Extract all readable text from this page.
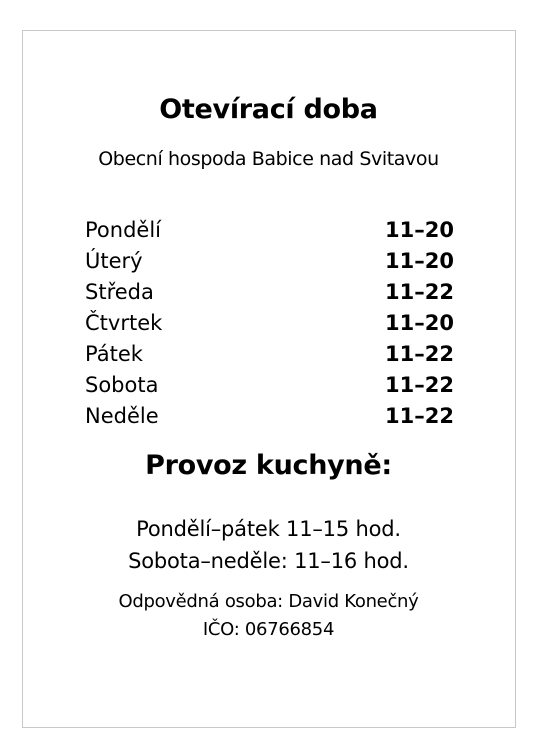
Otevírací doba
Obecní hospoda Babice nad Svitavou
Pondělí	11–20
Úterý	11–20
Středa	11–22
Čtvrtek	11–20
Pátek	11–22
Sobota	11–22
Neděle	11–22
Provoz kuchyně:
Pondělí–pátek 11–15 hod.
Sobota–neděle: 11–16 hod.
Odpovědná osoba: David Konečný
IČO: 06766854
